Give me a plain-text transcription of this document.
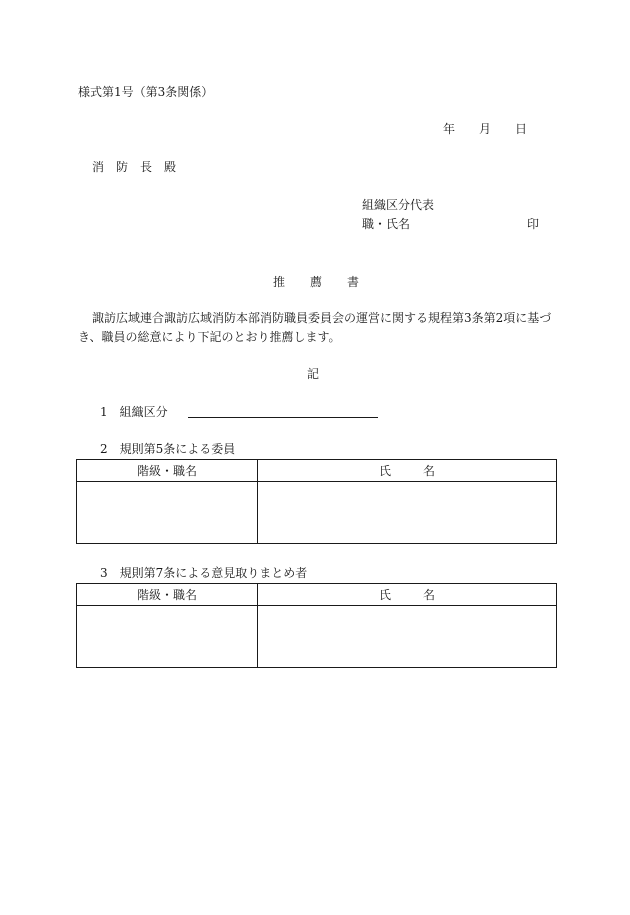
様式第1号（第3条関係）
年 月 日
消　防　長　殿
組織区分代表
職・氏名	印
推 薦 書
諏訪広域連合諏訪広域消防本部消防職員委員会の運営に関する規程第3条第2項に基づき、職員の総意により下記のとおり推薦します。
記
1　組織区分
2　規則第5条による委員
階級・職名	氏 名

3　規則第7条による意見取りまとめ者
階級・職名	氏 名
